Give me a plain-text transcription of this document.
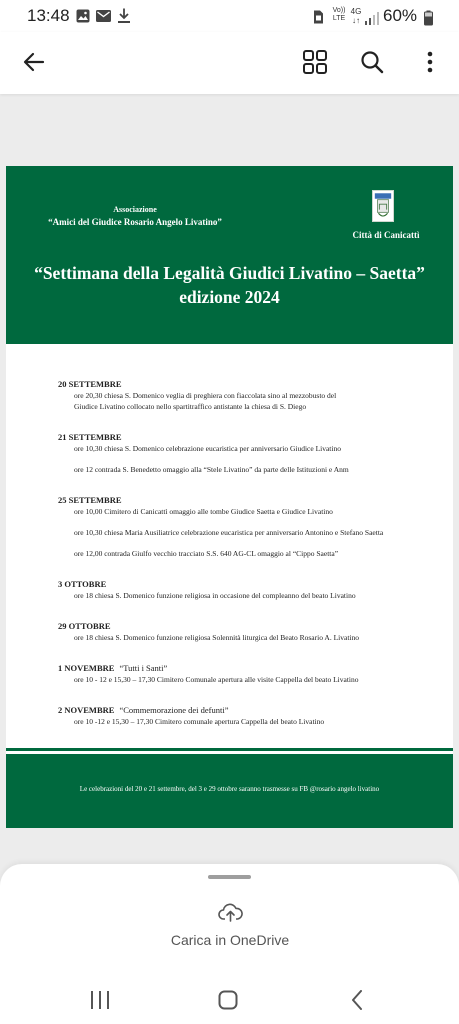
13:48	Vo)) LTE
4G
↓↑ 60%
Associazione
“Amici del Giudice Rosario Angelo Livatino”
Città di Canicattì
“Settimana della Legalità Giudici Livatino – Saetta”
edizione 2024
20 SETTEMBRE
ore 20,30 chiesa S. Domenico veglia di preghiera con fiaccolata sino al mezzobusto del
Giudice Livatino collocato nello spartitraffico antistante la chiesa di S. Diego
21 SETTEMBRE
ore 10,30 chiesa S. Domenico celebrazione eucaristica per anniversario Giudice Livatino
ore 12 contrada S. Benedetto omaggio alla “Stele Livatino” da parte delle Istituzioni e Anm
25 SETTEMBRE
ore 10,00 Cimitero di Canicattì omaggio alle tombe Giudice Saetta e Giudice Livatino
ore 10,30 chiesa Maria Ausiliatrice celebrazione eucaristica per anniversario Antonino e Stefano Saetta
ore 12,00 contrada Giulfo vecchio tracciato S.S. 640 AG-CL omaggio al “Cippo Saetta”
3 OTTOBRE
ore 18 chiesa S. Domenico funzione religiosa in occasione del compleanno del beato Livatino
29 OTTOBRE
ore 18 chiesa S. Domenico funzione religiosa Solennità liturgica del Beato Rosario A. Livatino
1 NOVEMBRE “Tutti i Santi”
ore 10 - 12 e 15,30 – 17,30 Cimitero Comunale apertura alle visite Cappella del beato Livatino
2 NOVEMBRE “Commemorazione dei defunti”
ore 10 -12 e 15,30 – 17,30 Cimitero comunale apertura Cappella del beato Livatino
Le celebrazioni del 20 e 21 settembre, del 3 e 29 ottobre saranno trasmesse su FB @rosario angelo livatino
Carica in OneDrive
